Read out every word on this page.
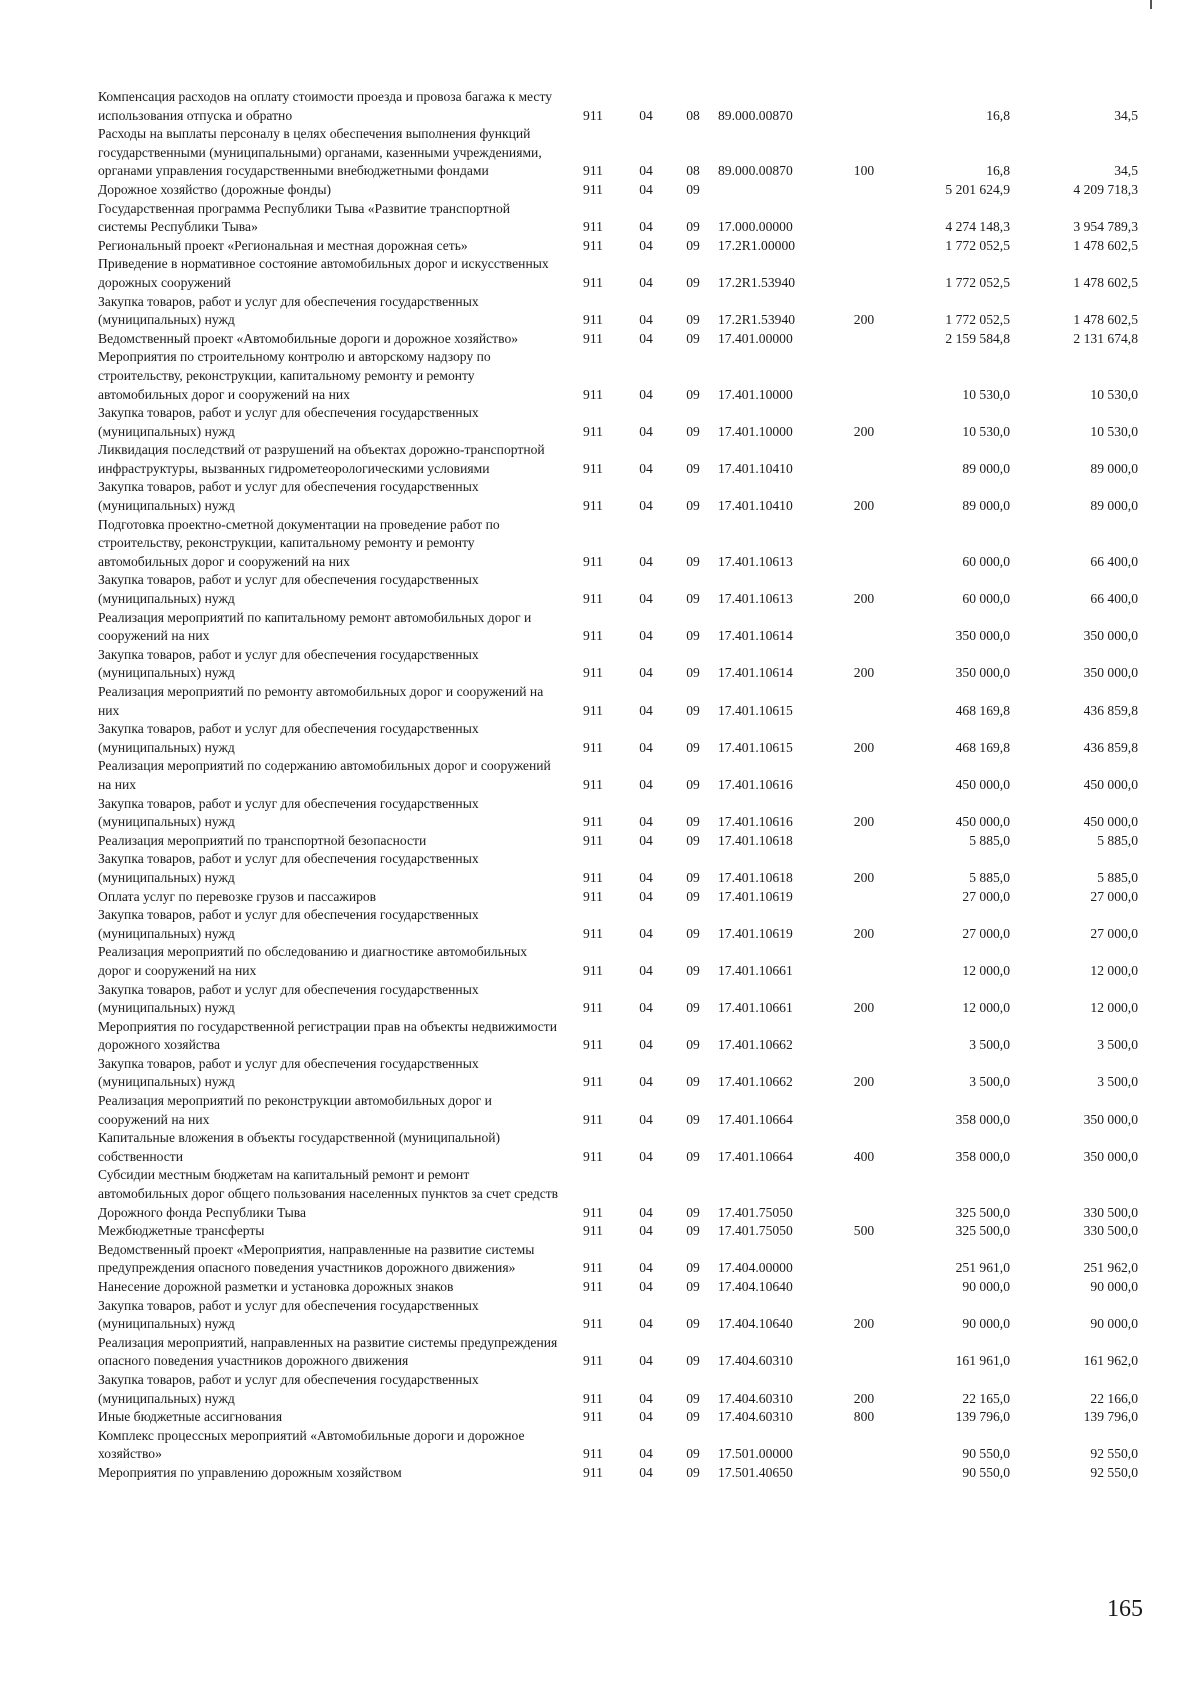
Компенсация расходов на оплату стоимости проезда и провоза багажа к месту использования отпуска и обратно	911	04	08	89.000.00870		16,8	34,5
Расходы на выплаты персоналу в целях обеспечения выполнения функций государственными (муниципальными) органами, казенными учреждениями, органами управления государственными внебюджетными фондами	911	04	08	89.000.00870	100	16,8	34,5
Дорожное хозяйство (дорожные фонды)	911	04	09			5 201 624,9	4 209 718,3
Государственная программа Республики Тыва «Развитие транспортной системы Республики Тыва»	911	04	09	17.000.00000		4 274 148,3	3 954 789,3
Региональный проект «Региональная и местная дорожная сеть»	911	04	09	17.2R1.00000		1 772 052,5	1 478 602,5
Приведение в нормативное состояние автомобильных дорог и искусственных дорожных сооружений	911	04	09	17.2R1.53940		1 772 052,5	1 478 602,5
Закупка товаров, работ и услуг для обеспечения государственных (муниципальных) нужд	911	04	09	17.2R1.53940	200	1 772 052,5	1 478 602,5
Ведомственный проект «Автомобильные дороги и дорожное хозяйство»	911	04	09	17.401.00000		2 159 584,8	2 131 674,8
Мероприятия по строительному контролю и авторскому надзору по строительству, реконструкции, капитальному ремонту и ремонту автомобильных дорог и сооружений на них	911	04	09	17.401.10000		10 530,0	10 530,0
Закупка товаров, работ и услуг для обеспечения государственных (муниципальных) нужд	911	04	09	17.401.10000	200	10 530,0	10 530,0
Ликвидация последствий от разрушений на объектах дорожно-транспортной инфраструктуры, вызванных гидрометеорологическими условиями	911	04	09	17.401.10410		89 000,0	89 000,0
Закупка товаров, работ и услуг для обеспечения государственных (муниципальных) нужд	911	04	09	17.401.10410	200	89 000,0	89 000,0
Подготовка проектно-сметной документации на проведение работ по строительству, реконструкции, капитальному ремонту и ремонту автомобильных дорог и сооружений на них	911	04	09	17.401.10613		60 000,0	66 400,0
Закупка товаров, работ и услуг для обеспечения государственных (муниципальных) нужд	911	04	09	17.401.10613	200	60 000,0	66 400,0
Реализация мероприятий по капитальному ремонт автомобильных дорог и сооружений на них	911	04	09	17.401.10614		350 000,0	350 000,0
Закупка товаров, работ и услуг для обеспечения государственных (муниципальных) нужд	911	04	09	17.401.10614	200	350 000,0	350 000,0
Реализация мероприятий по ремонту автомобильных дорог и сооружений на них	911	04	09	17.401.10615		468 169,8	436 859,8
Закупка товаров, работ и услуг для обеспечения государственных (муниципальных) нужд	911	04	09	17.401.10615	200	468 169,8	436 859,8
Реализация мероприятий по содержанию автомобильных дорог и сооружений на них	911	04	09	17.401.10616		450 000,0	450 000,0
Закупка товаров, работ и услуг для обеспечения государственных (муниципальных) нужд	911	04	09	17.401.10616	200	450 000,0	450 000,0
Реализация мероприятий по транспортной безопасности	911	04	09	17.401.10618		5 885,0	5 885,0
Закупка товаров, работ и услуг для обеспечения государственных (муниципальных) нужд	911	04	09	17.401.10618	200	5 885,0	5 885,0
Оплата услуг по перевозке грузов и пассажиров	911	04	09	17.401.10619		27 000,0	27 000,0
Закупка товаров, работ и услуг для обеспечения государственных (муниципальных) нужд	911	04	09	17.401.10619	200	27 000,0	27 000,0
Реализация мероприятий по обследованию и диагностике автомобильных дорог и сооружений на них	911	04	09	17.401.10661		12 000,0	12 000,0
Закупка товаров, работ и услуг для обеспечения государственных (муниципальных) нужд	911	04	09	17.401.10661	200	12 000,0	12 000,0
Мероприятия по государственной регистрации прав на объекты недвижимости дорожного хозяйства	911	04	09	17.401.10662		3 500,0	3 500,0
Закупка товаров, работ и услуг для обеспечения государственных (муниципальных) нужд	911	04	09	17.401.10662	200	3 500,0	3 500,0
Реализация мероприятий по реконструкции автомобильных дорог и сооружений на них	911	04	09	17.401.10664		358 000,0	350 000,0
Капитальные вложения в объекты государственной (муниципальной) собственности	911	04	09	17.401.10664	400	358 000,0	350 000,0
Субсидии местным бюджетам на капитальный ремонт и ремонт автомобильных дорог общего пользования населенных пунктов за счет средств Дорожного фонда Республики Тыва	911	04	09	17.401.75050		325 500,0	330 500,0
Межбюджетные трансферты	911	04	09	17.401.75050	500	325 500,0	330 500,0
Ведомственный проект «Мероприятия, направленные на развитие системы предупреждения опасного поведения участников дорожного движения»	911	04	09	17.404.00000		251 961,0	251 962,0
Нанесение дорожной разметки и установка дорожных знаков	911	04	09	17.404.10640		90 000,0	90 000,0
Закупка товаров, работ и услуг для обеспечения государственных (муниципальных) нужд	911	04	09	17.404.10640	200	90 000,0	90 000,0
Реализация мероприятий, направленных на развитие системы предупреждения опасного поведения участников дорожного движения	911	04	09	17.404.60310		161 961,0	161 962,0
Закупка товаров, работ и услуг для обеспечения государственных (муниципальных) нужд	911	04	09	17.404.60310	200	22 165,0	22 166,0
Иные бюджетные ассигнования	911	04	09	17.404.60310	800	139 796,0	139 796,0
Комплекс процессных мероприятий «Автомобильные дороги и дорожное хозяйство»	911	04	09	17.501.00000		90 550,0	92 550,0
Мероприятия по управлению дорожным хозяйством	911	04	09	17.501.40650		90 550,0	92 550,0
165
